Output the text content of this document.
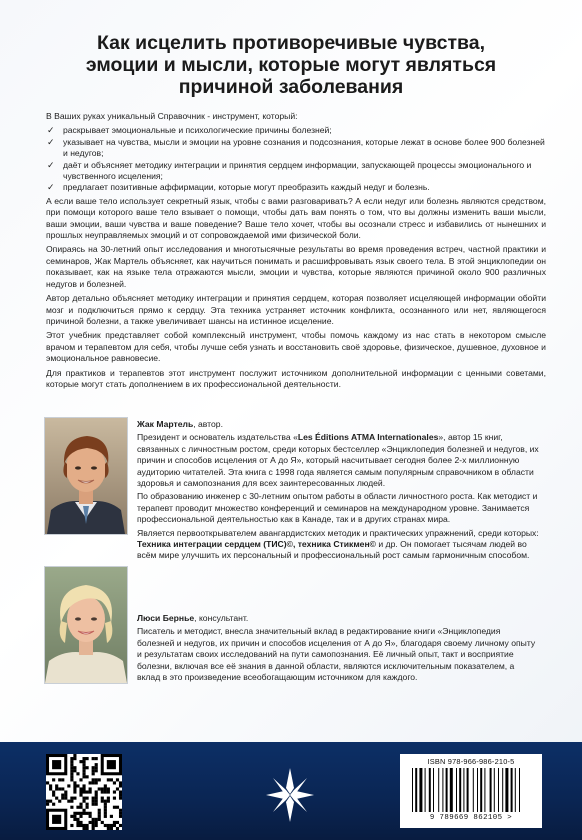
Как исцелить противоречивые чувства,
эмоции и мысли, которые могут являться
причиной заболевания

В Ваших руках уникальный Справочник - инструмент, который:

✓ раскрывает эмоциональные и психологические причины болезней;
✓ указывает на чувства, мысли и эмоции на уровне сознания и подсознания, которые лежат в основе более 900 болезней и недугов;
✓ даёт и объясняет методику интеграции и принятия сердцем информации, запускающей процессы эмоционального и чувственного исцеления;
✓ предлагает позитивные аффирмации, которые могут преобразить каждый недуг и болезнь.

А если ваше тело использует секретный язык, чтобы с вами разговаривать? А если недуг или болезнь являются средством, при помощи которого ваше тело взывает о помощи, чтобы дать вам понять о том, что вы должны изменить ваши мысли, ваши эмоции, ваши чувства и ваше поведение? Ваше тело хочет, чтобы вы осознали стресс и избавились от нынешних и прошлых неуправляемых эмоций и от сопровождаемой ими физической боли.

Опираясь на 30-летний опыт исследования и многотысячные результаты во время проведения встреч, частной практики и семинаров, Жак Мартель объясняет, как научиться понимать и расшифровывать язык своего тела. В этой энциклопедии он показывает, как на языке тела отражаются мысли, эмоции и чувства, которые являются причиной около 900 различных недугов и болезней.

Автор детально объясняет методику интеграции и принятия сердцем, которая позволяет исцеляющей информации обойти мозг и подключиться прямо к сердцу. Эта техника устраняет источник конфликта, осознанного или нет, являющегося причиной болезни, а также увеличивает шансы на истинное исцеление.

Этот учебник представляет собой комплексный инструмент, чтобы помочь каждому из нас стать в некотором смысле врачом и терапевтом для себя, чтобы лучше себя узнать и восстановить своё здоровье, физическое, душевное, духовное и эмоциональное равновесие.

Для практиков и терапевтов этот инструмент послужит источником дополнительной информации с ценными советами, которые могут стать дополнением в их профессиональной деятельности.

Жак Мартель, автор.

Президент и основатель издательства «Les Éditions ATMA Internationales», автор 15 книг, связанных с личностным ростом, среди которых бестселлер «Энциклопедия болезней и недугов, их причин и способов исцеления от А до Я», который насчитывает сегодня более 2-х миллионную аудиторию читателей. Эта книга с 1998 года является самым популярным справочником в области здоровья и самопознания для всех заинтересованных людей.

По образованию инженер с 30-летним опытом работы в области личностного роста. Как методист и терапевт проводит множество конференций и семинаров на международном уровне. Занимается профессиональной деятельностью как в Канаде, так и в других странах мира.

Является первооткрывателем авангардистских методик и практических упражнений, среди которых: Техника интеграции сердцем (ТИС)©, техника Стикмен© и др. Он помогает тысячам людей во всём мире улучшить их персональный и профессиональный рост самым гармоничным способом.

Люси Бернье, консультант.

Писатель и методист, внесла значительный вклад в редактирование книги «Энциклопедия болезней и недугов, их причин и способов исцеления от А до Я», благодаря своему личному опыту и результатам своих исследований на пути самопознания. Её личный опыт, такт и восприятие болезни, включая все её знания в данной области, являются исключительным показателем, а вклад в это произведение всеобогащающим источником для каждого.

ISBN 978-966-986-210-5
9 789669 862105 >
